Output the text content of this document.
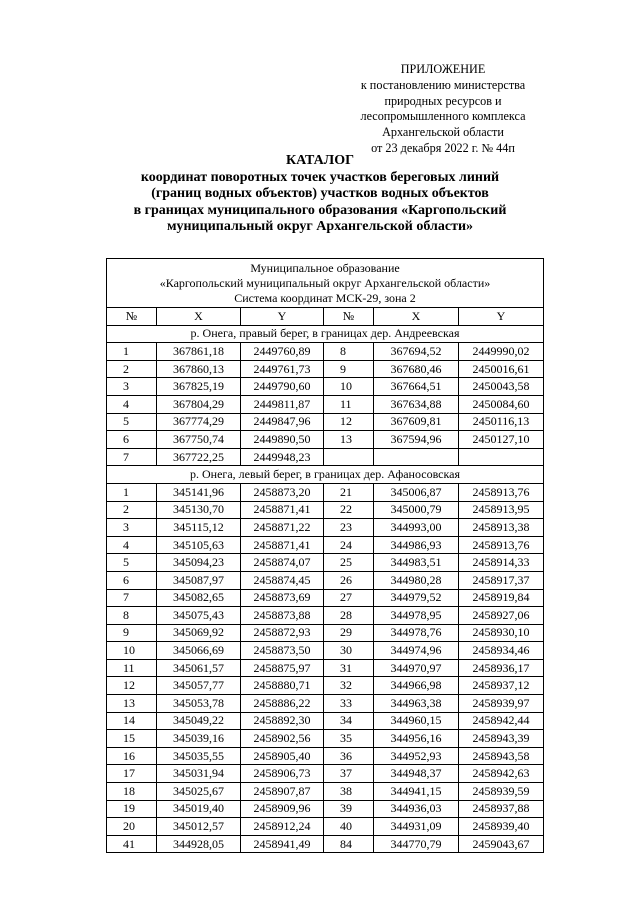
ПРИЛОЖЕНИЕ
к постановлению министерства
природных ресурсов и
лесопромышленного комплекса
Архангельской области
от 23 декабря 2022 г. № 44п
КАТАЛОГ
координат поворотных точек участков береговых линий
(границ водных объектов) участков водных объектов
в границах муниципального образования «Каргопольский
муниципальный округ Архангельской области»
Муниципальное образование
«Каргопольский муниципальный округ Архангельской области»
Система координат МСК-29, зона 2					

№	X	Y	№	X	Y
р. Онега, правый берег, в границах дер. Андреевская					
1	367861,18	2449760,89	8	367694,52	2449990,02
2	367860,13	2449761,73	9	367680,46	2450016,61
3	367825,19	2449790,60	10	367664,51	2450043,58
4	367804,29	2449811,87	11	367634,88	2450084,60
5	367774,29	2449847,96	12	367609,81	2450116,13
6	367750,74	2449890,50	13	367594,96	2450127,10
7	367722,25	2449948,23			
р. Онега, левый берег, в границах дер. Афаносовская					
1	345141,96	2458873,20	21	345006,87	2458913,76
2	345130,70	2458871,41	22	345000,79	2458913,95
3	345115,12	2458871,22	23	344993,00	2458913,38
4	345105,63	2458871,41	24	344986,93	2458913,76
5	345094,23	2458874,07	25	344983,51	2458914,33
6	345087,97	2458874,45	26	344980,28	2458917,37
7	345082,65	2458873,69	27	344979,52	2458919,84
8	345075,43	2458873,88	28	344978,95	2458927,06
9	345069,92	2458872,93	29	344978,76	2458930,10
10	345066,69	2458873,50	30	344974,96	2458934,46
11	345061,57	2458875,97	31	344970,97	2458936,17
12	345057,77	2458880,71	32	344966,98	2458937,12
13	345053,78	2458886,22	33	344963,38	2458939,97
14	345049,22	2458892,30	34	344960,15	2458942,44
15	345039,16	2458902,56	35	344956,16	2458943,39
16	345035,55	2458905,40	36	344952,93	2458943,58
17	345031,94	2458906,73	37	344948,37	2458942,63
18	345025,67	2458907,87	38	344941,15	2458939,59
19	345019,40	2458909,96	39	344936,03	2458937,88
20	345012,57	2458912,24	40	344931,09	2458939,40
41	344928,05	2458941,49	84	344770,79	2459043,67
